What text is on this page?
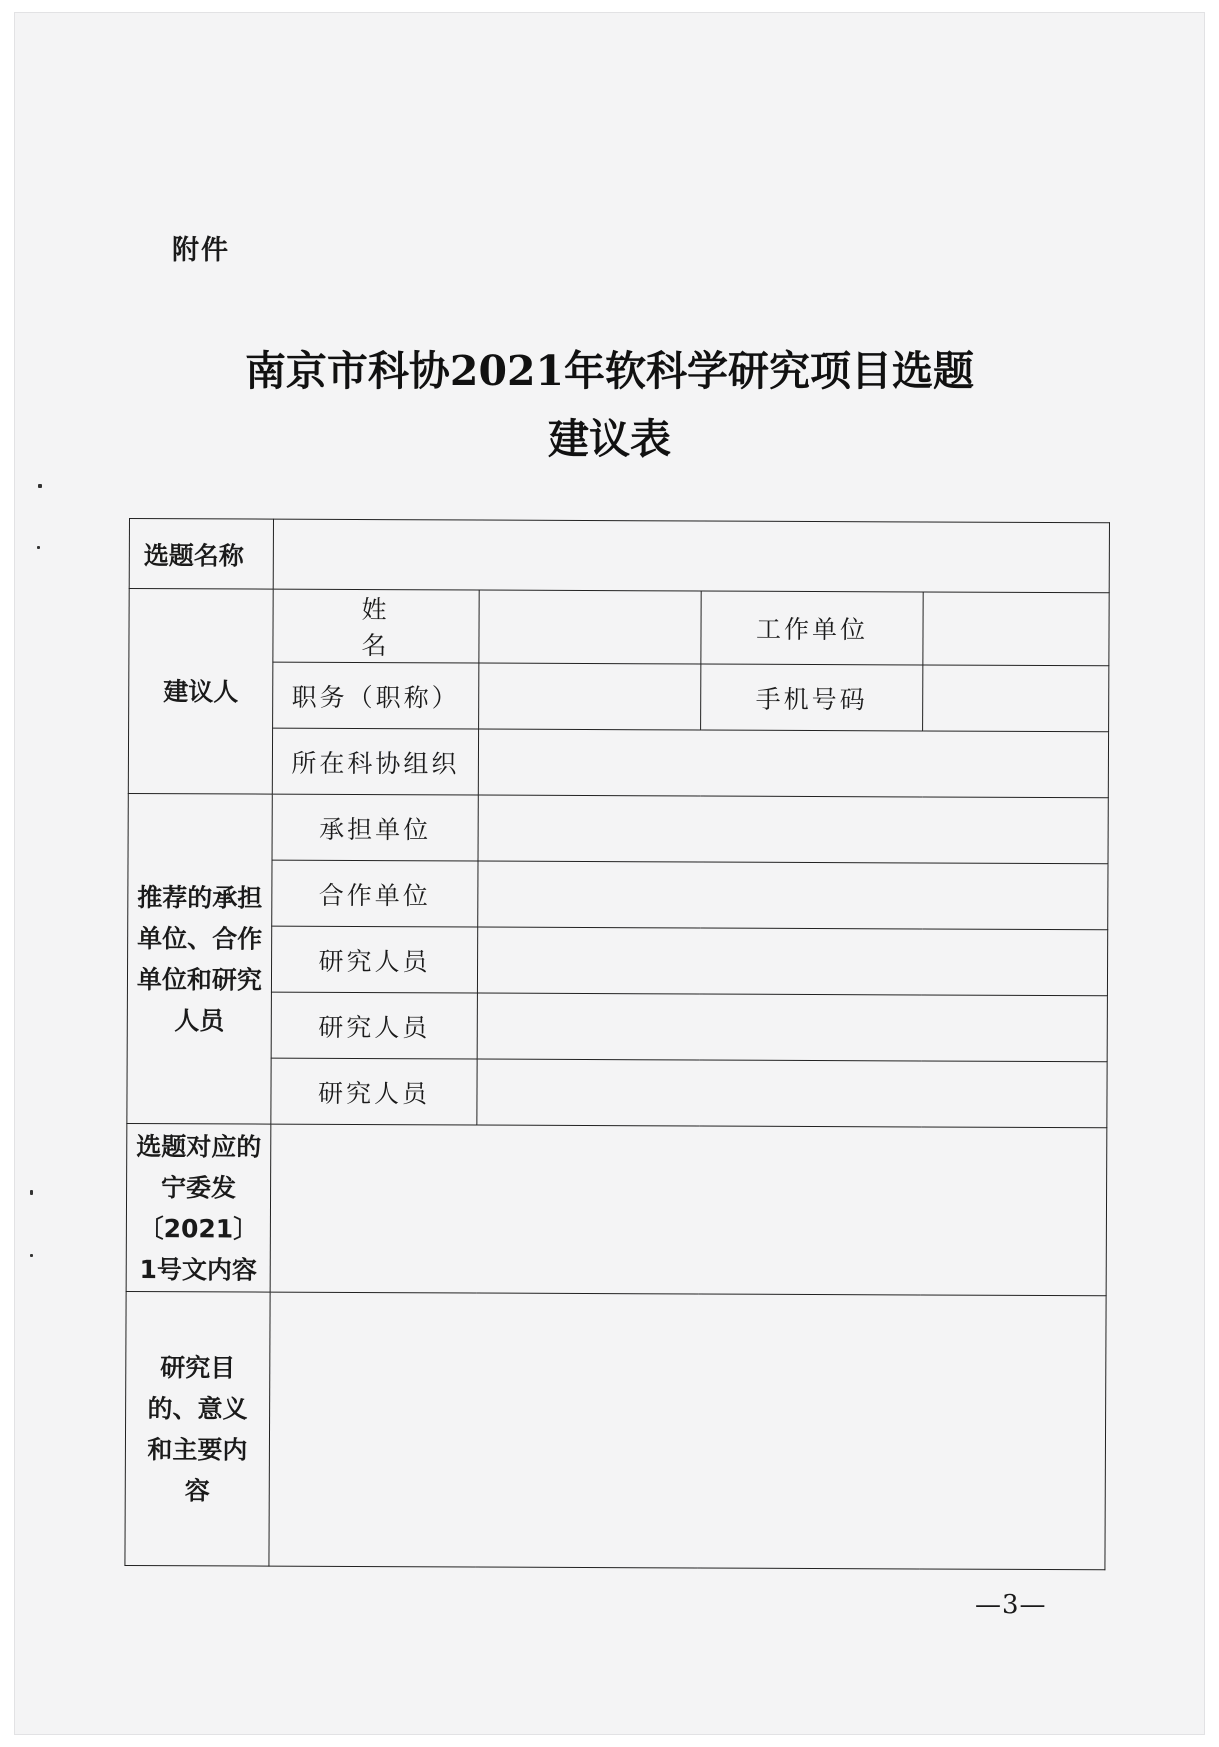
附件
南京市科协2021年软科学研究项目选题
建议表
选题名称				
建议人	姓　名		工作单位	
	职务（职称）		手机号码	
	所在科协组织			
推荐的承担单位、合作单位和研究人员	承担单位			
	合作单位			
	研究人员			
	研究人员			
	研究人员			
选题对应的宁委发〔2021〕1号文内容				
研究目的、意义和主要内容				
—3—
